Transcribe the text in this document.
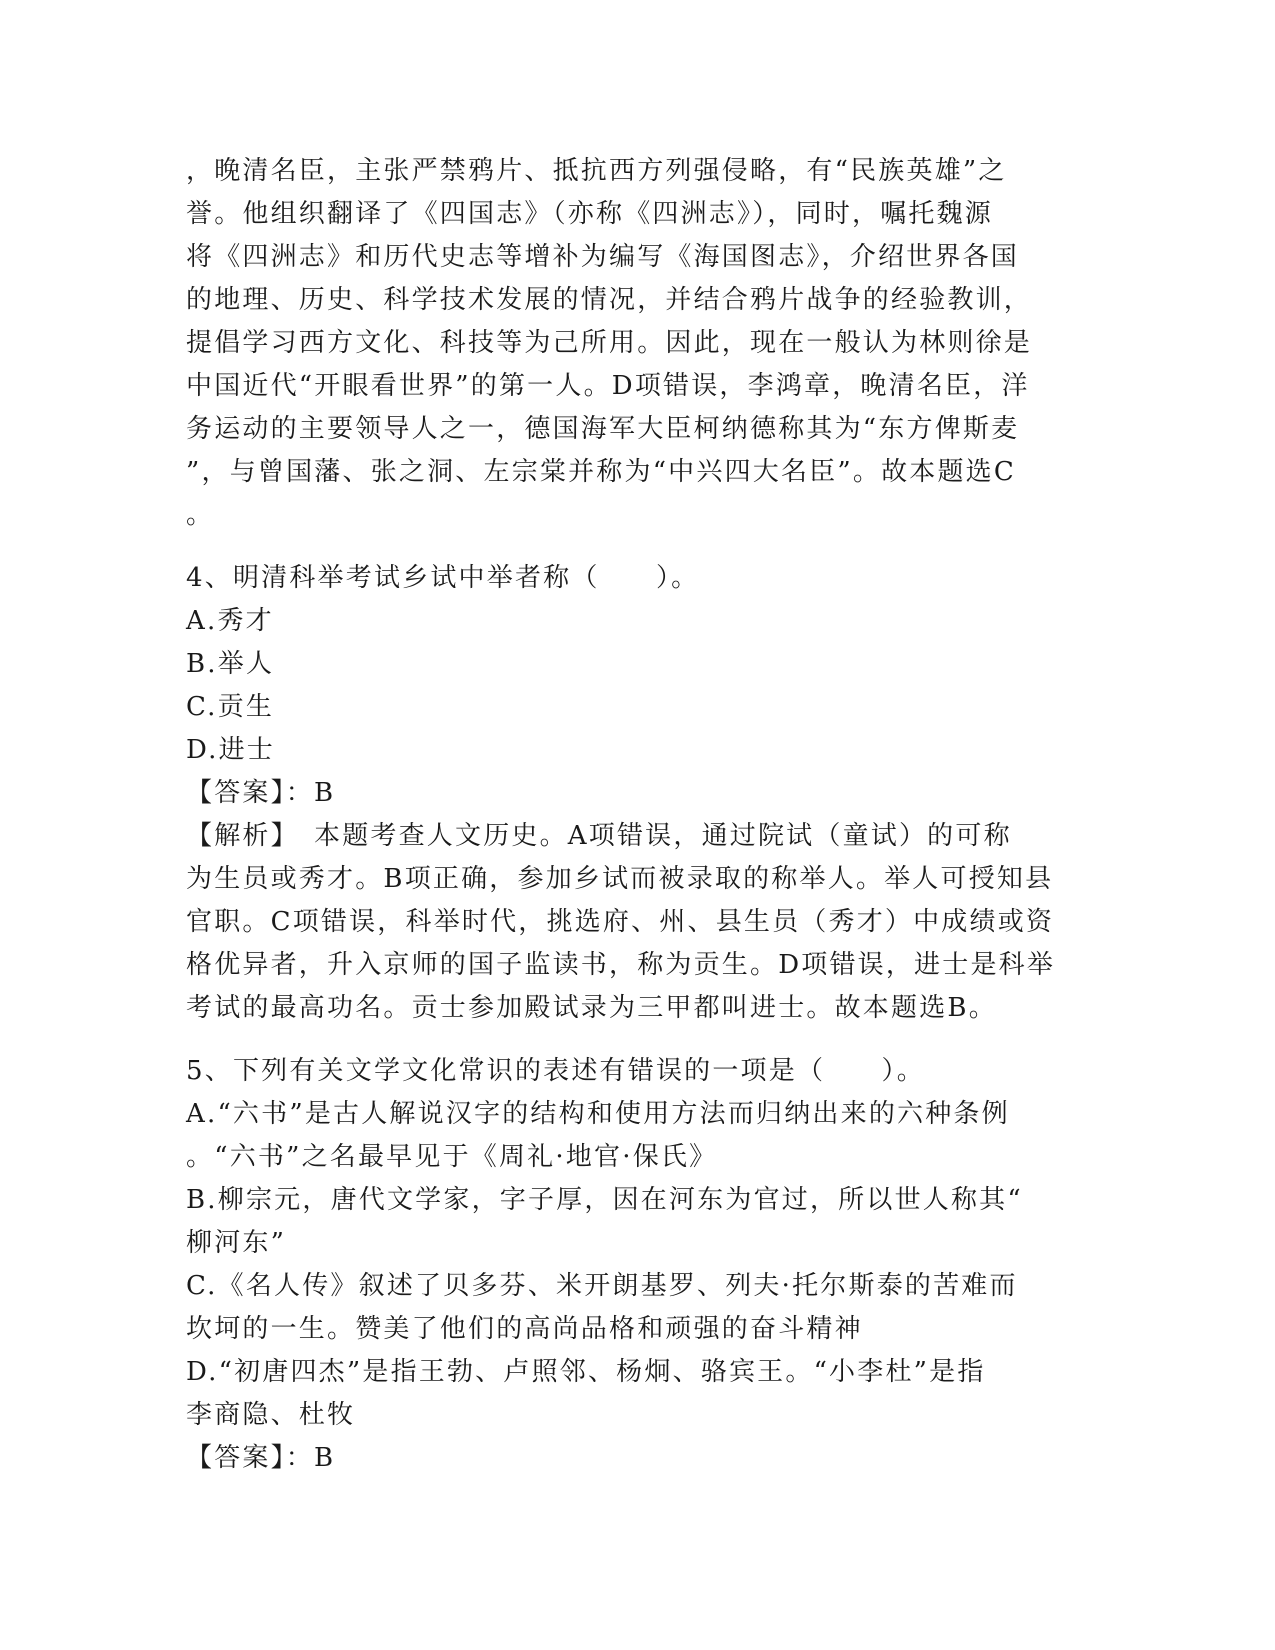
，晚清名臣，主张严禁鸦片、抵抗西方列强侵略，有“民族英雄”之
誉。他组织翻译了《四国志》（亦称《四洲志》），同时，嘱托魏源
将《四洲志》和历代史志等增补为编写《海国图志》，介绍世界各国
的地理、历史、科学技术发展的情况，并结合鸦片战争的经验教训，
提倡学习西方文化、科技等为己所用。因此，现在一般认为林则徐是
中国近代“开眼看世界”的第一人。D项错误，李鸿章，晚清名臣，洋
务运动的主要领导人之一，德国海军大臣柯纳德称其为“东方俾斯麦
”，与曾国藩、张之洞、左宗棠并称为“中兴四大名臣”。故本题选C
。
4、明清科举考试乡试中举者称（　　）。
A.秀才
B.举人
C.贡生
D.进士
【答案】：B
【解析】　本题考查人文历史。A项错误，通过院试（童试）的可称
为生员或秀才。B项正确，参加乡试而被录取的称举人。举人可授知县
官职。C项错误，科举时代，挑选府、州、县生员（秀才）中成绩或资
格优异者，升入京师的国子监读书，称为贡生。D项错误，进士是科举
考试的最高功名。贡士参加殿试录为三甲都叫进士。故本题选B。
5、下列有关文学文化常识的表述有错误的一项是（　　）。
A.“六书”是古人解说汉字的结构和使用方法而归纳出来的六种条例
。“六书”之名最早见于《周礼·地官·保氏》
B.柳宗元，唐代文学家，字子厚，因在河东为官过，所以世人称其“
柳河东”
C.《名人传》叙述了贝多芬、米开朗基罗、列夫·托尔斯泰的苦难而
坎坷的一生。赞美了他们的高尚品格和顽强的奋斗精神
D.“初唐四杰”是指王勃、卢照邻、杨炯、骆宾王。“小李杜”是指
李商隐、杜牧
【答案】：B
